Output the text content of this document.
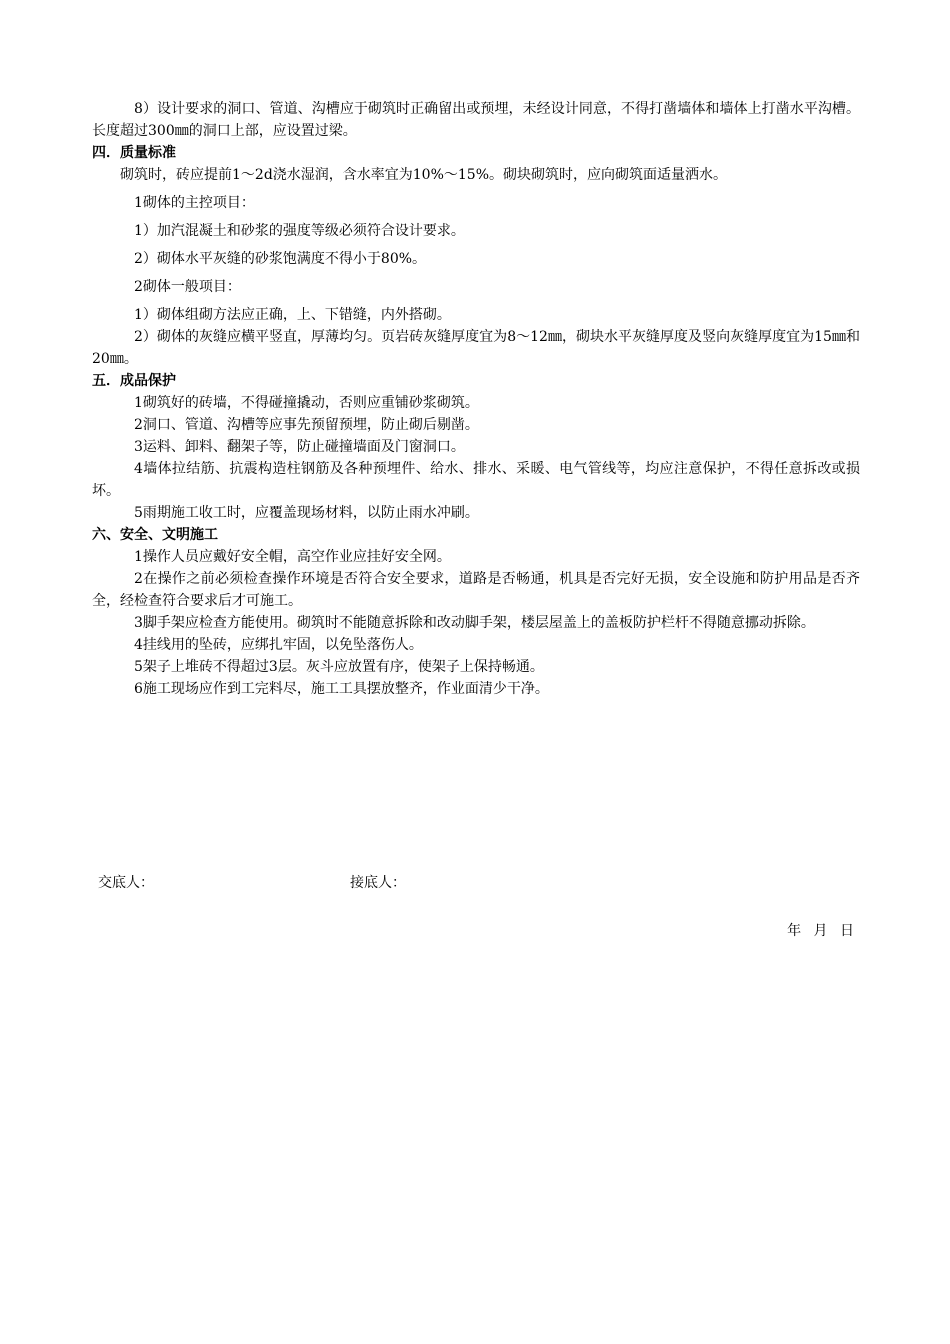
8）设计要求的洞口、管道、沟槽应于砌筑时正确留出或预埋，未经设计同意，不得打凿墙体和墙体上打凿水平沟槽。长度超过300㎜的洞口上部，应设置过梁。

四．质量标准

砌筑时，砖应提前1～2d浇水湿润，含水率宜为10%～15%。砌块砌筑时，应向砌筑面适量洒水。

1砌体的主控项目：

1）加汽混凝土和砂浆的强度等级必须符合设计要求。

2）砌体水平灰缝的砂浆饱满度不得小于80%。

2砌体一般项目：

1）砌体组砌方法应正确，上、下错缝，内外搭砌。

2）砌体的灰缝应横平竖直，厚薄均匀。页岩砖灰缝厚度宜为8～12㎜，砌块水平灰缝厚度及竖向灰缝厚度宜为15㎜和20㎜。

五．成品保护

1砌筑好的砖墙，不得碰撞撬动，否则应重铺砂浆砌筑。

2洞口、管道、沟槽等应事先预留预埋，防止砌后剔凿。

3运料、卸料、翻架子等，防止碰撞墙面及门窗洞口。

4墙体拉结筋、抗震构造柱钢筋及各种预埋件、给水、排水、采暖、电气管线等，均应注意保护，不得任意拆改或损坏。

5雨期施工收工时，应覆盖现场材料，以防止雨水冲刷。

六、安全、文明施工

1操作人员应戴好安全帽，高空作业应挂好安全网。

2在操作之前必须检查操作环境是否符合安全要求，道路是否畅通，机具是否完好无损，安全设施和防护用品是否齐全，经检查符合要求后才可施工。

3脚手架应检查方能使用。砌筑时不能随意拆除和改动脚手架，楼层屋盖上的盖板防护栏杆不得随意挪动拆除。

4挂线用的坠砖，应绑扎牢固，以免坠落伤人。

5架子上堆砖不得超过3层。灰斗应放置有序，使架子上保持畅通。

6施工现场应作到工完料尽，施工工具摆放整齐，作业面清少干净。

交底人：	接底人：
年 月 日
